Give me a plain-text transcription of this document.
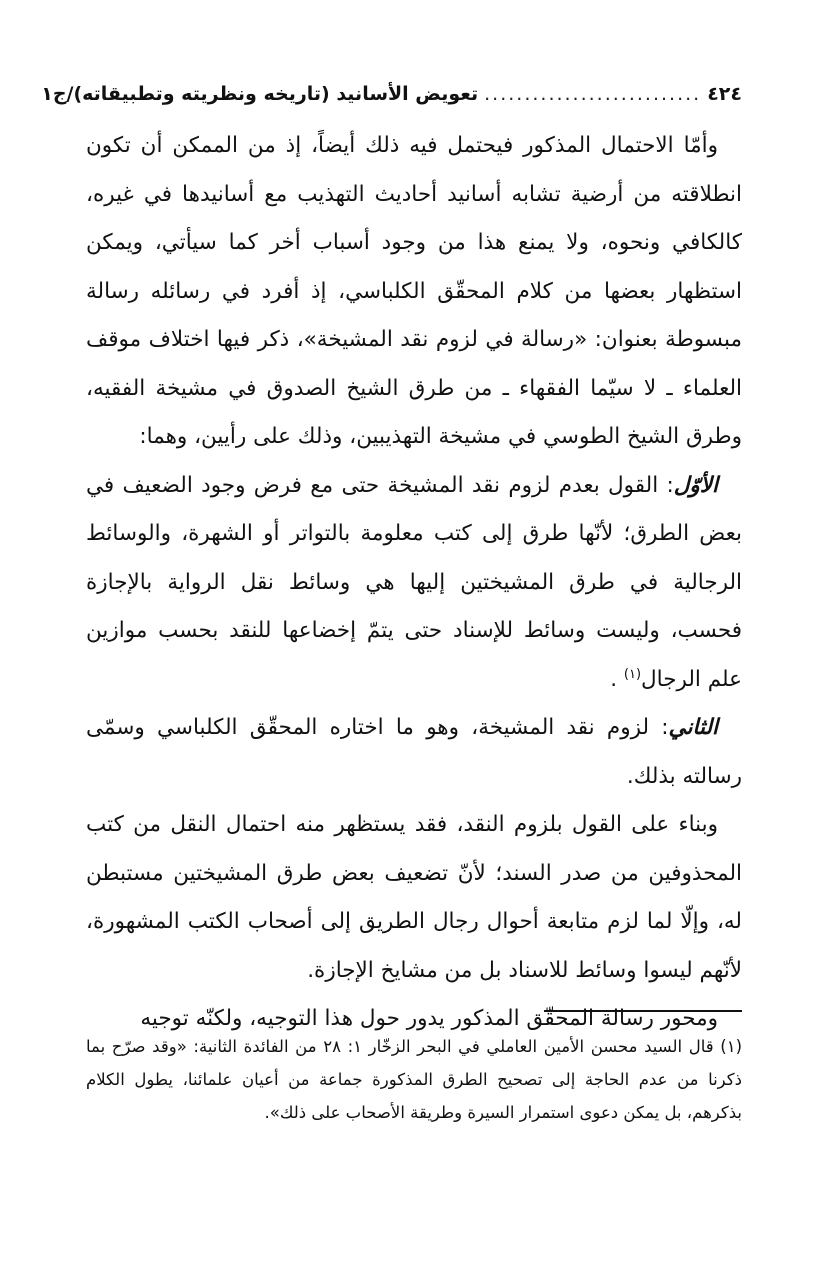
٤٢٤
...........................
تعويض الأسانيد (تاريخه ونظريته وتطبيقاته)/ج١

وأمّا الاحتمال المذكور فيحتمل فيه ذلك أيضاً، إذ من الممكن أن تكون انطلاقته من أرضية تشابه أسانيد أحاديث التهذيب مع أسانيدها في غيره، كالكافي ونحوه، ولا يمنع هذا من وجود أسباب أخر كما سيأتي، ويمكن استظهار بعضها من كلام المحقّق الكلباسي، إذ أفرد في رسائله رسالة مبسوطة بعنوان: «رسالة في لزوم نقد المشيخة»، ذكر فيها اختلاف موقف العلماء ـ لا سيّما الفقهاء ـ من طرق الشيخ الصدوق في مشيخة الفقيه، وطرق الشيخ الطوسي في مشيخة التهذيبين، وذلك على رأيين، وهما:

الأوّل: القول بعدم لزوم نقد المشيخة حتى مع فرض وجود الضعيف في بعض الطرق؛ لأنّها طرق إلى كتب معلومة بالتواتر أو الشهرة، والوسائط الرجالية في طرق المشيختين إليها هي وسائط نقل الرواية بالإجازة فحسب، وليست وسائط للإسناد حتى يتمّ إخضاعها للنقد بحسب موازين علم الرجال$^{(١)}$ .

الثاني: لزوم نقد المشيخة، وهو ما اختاره المحقّق الكلباسي وسمّى رسالته بذلك.

وبناء على القول بلزوم النقد، فقد يستظهر منه احتمال النقل من كتب المحذوفين من صدر السند؛ لأنّ تضعيف بعض طرق المشيختين مستبطن له، وإلّا لما لزم متابعة أحوال رجال الطريق إلى أصحاب الكتب المشهورة، لأنّهم ليسوا وسائط للاسناد بل من مشايخ الإجازة.

ومحور رسالة المحقّق المذكور يدور حول هذا التوجيه، ولكنّه توجيه

(١) قال السيد محسن الأمين العاملي في البحر الزخّار ١: ٢٨ من الفائدة الثانية: «وقد صرّح بما ذكرنا من عدم الحاجة إلى تصحيح الطرق المذكورة جماعة من أعيان علمائنا، يطول الكلام بذكرهم، بل يمكن دعوى استمرار السيرة وطريقة الأصحاب على ذلك».
